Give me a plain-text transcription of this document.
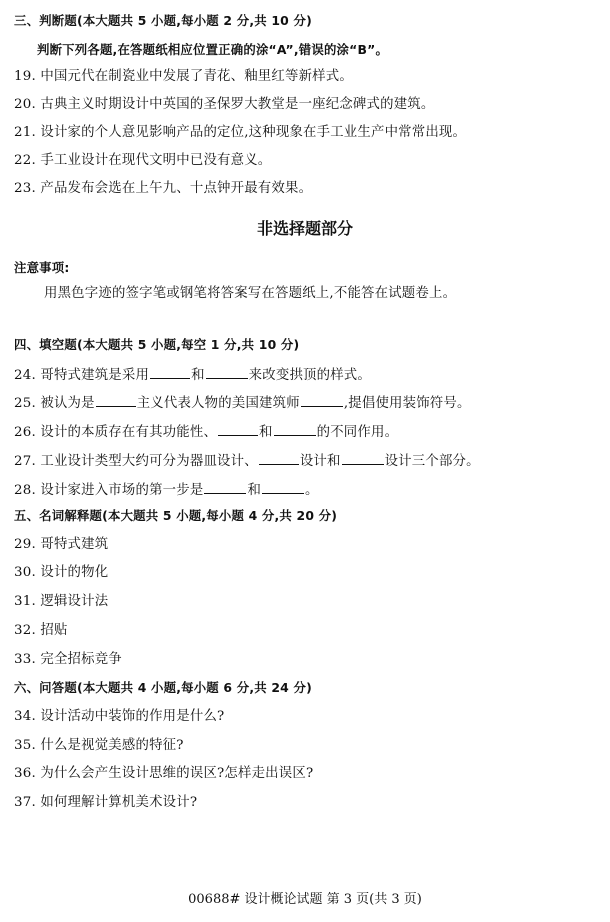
三、判断题(本大题共 5 小题,每小题 2 分,共 10 分)
判断下列各题,在答题纸相应位置正确的涂“A”,错误的涂“B”。
19. 中国元代在制瓷业中发展了青花、釉里红等新样式。
20. 古典主义时期设计中英国的圣保罗大教堂是一座纪念碑式的建筑。
21. 设计家的个人意见影响产品的定位,这种现象在手工业生产中常常出现。
22. 手工业设计在现代文明中已没有意义。
23. 产品发布会选在上午九、十点钟开最有效果。
非选择题部分
注意事项:
用黑色字迹的签字笔或钢笔将答案写在答题纸上,不能答在试题卷上。
四、填空题(本大题共 5 小题,每空 1 分,共 10 分)
24. 哥特式建筑是采用	和	来改变拱顶的样式。
25. 被认为是	主义代表人物的美国建筑师	,提倡使用装饰符号。
26. 设计的本质存在有其功能性、	和	的不同作用。
27. 工业设计类型大约可分为器皿设计、	设计和	设计三个部分。
28. 设计家进入市场的第一步是	和	。
五、名词解释题(本大题共 5 小题,每小题 4 分,共 20 分)
29. 哥特式建筑
30. 设计的物化
31. 逻辑设计法
32. 招贴
33. 完全招标竞争
六、问答题(本大题共 4 小题,每小题 6 分,共 24 分)
34. 设计活动中装饰的作用是什么?
35. 什么是视觉美感的特征?
36. 为什么会产生设计思维的误区?怎样走出误区?
37. 如何理解计算机美术设计?
00688# 设计概论试题 第 3 页(共 3 页)
